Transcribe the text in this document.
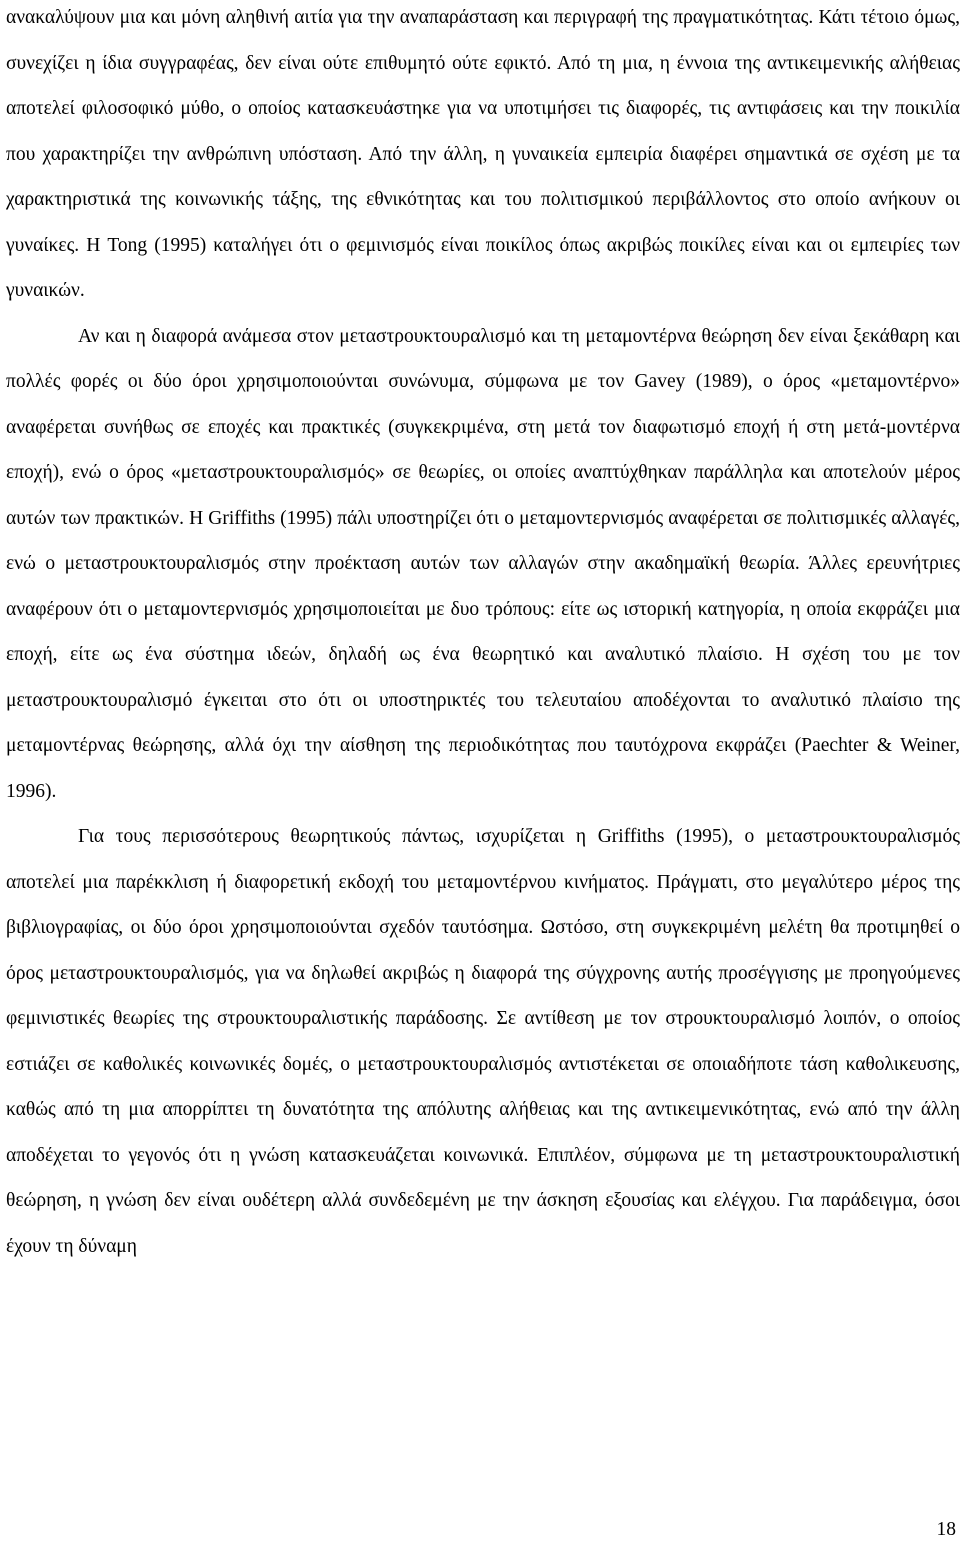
ανακαλύψουν μια και μόνη αληθινή αιτία για την αναπαράσταση και περιγραφή της πραγματικότητας. Κάτι τέτοιο όμως, συνεχίζει η ίδια συγγραφέας, δεν είναι ούτε επιθυμητό ούτε εφικτό. Από τη μια, η έννοια της αντικειμενικής αλήθειας αποτελεί φιλοσοφικό μύθο, ο οποίος κατασκευάστηκε για να υποτιμήσει τις διαφορές, τις αντιφάσεις και την ποικιλία που χαρακτηρίζει την ανθρώπινη υπόσταση. Από την άλλη, η γυναικεία εμπειρία διαφέρει σημαντικά σε σχέση με τα χαρακτηριστικά της κοινωνικής τάξης, της εθνικότητας και του πολιτισμικού περιβάλλοντος στο οποίο ανήκουν οι γυναίκες. Η Tong (1995) καταλήγει ότι ο φεμινισμός είναι ποικίλος όπως ακριβώς ποικίλες είναι και οι εμπειρίες των γυναικών.

Αν και η διαφορά ανάμεσα στον μεταστρουκτουραλισμό και τη μεταμοντέρνα θεώρηση δεν είναι ξεκάθαρη και πολλές φορές οι δύο όροι χρησιμοποιούνται συνώνυμα, σύμφωνα με τον Gavey (1989), ο όρος «μεταμοντέρνο» αναφέρεται συνήθως σε εποχές και πρακτικές (συγκεκριμένα, στη μετά τον διαφωτισμό εποχή ή στη μετά-μοντέρνα εποχή), ενώ ο όρος «μεταστρουκτουραλισμός» σε θεωρίες, οι οποίες αναπτύχθηκαν παράλληλα και αποτελούν μέρος αυτών των πρακτικών. Η Griffiths (1995) πάλι υποστηρίζει ότι ο μεταμοντερνισμός αναφέρεται σε πολιτισμικές αλλαγές, ενώ ο μεταστρουκτουραλισμός στην προέκταση αυτών των αλλαγών στην ακαδημαϊκή θεωρία. Άλλες ερευνήτριες αναφέρουν ότι ο μεταμοντερνισμός χρησιμοποιείται με δυο τρόπους: είτε ως ιστορική κατηγορία, η οποία εκφράζει μια εποχή, είτε ως ένα σύστημα ιδεών, δηλαδή ως ένα θεωρητικό και αναλυτικό πλαίσιο. Η σχέση του με τον μεταστρουκτουραλισμό έγκειται στο ότι οι υποστηρικτές του τελευταίου αποδέχονται το αναλυτικό πλαίσιο της μεταμοντέρνας θεώρησης, αλλά όχι την αίσθηση της περιοδικότητας που ταυτόχρονα εκφράζει (Paechter & Weiner, 1996).

Για τους περισσότερους θεωρητικούς πάντως, ισχυρίζεται η Griffiths (1995), ο μεταστρουκτουραλισμός αποτελεί μια παρέκκλιση ή διαφορετική εκδοχή του μεταμοντέρνου κινήματος. Πράγματι, στο μεγαλύτερο μέρος της βιβλιογραφίας, οι δύο όροι χρησιμοποιούνται σχεδόν ταυτόσημα. Ωστόσο, στη συγκεκριμένη μελέτη θα προτιμηθεί ο όρος μεταστρουκτουραλισμός, για να δηλωθεί ακριβώς η διαφορά της σύγχρονης αυτής προσέγγισης με προηγούμενες φεμινιστικές θεωρίες της στρουκτουραλιστικής παράδοσης. Σε αντίθεση με τον στρουκτουραλισμό λοιπόν, ο οποίος εστιάζει σε καθολικές κοινωνικές δομές, ο μεταστρουκτουραλισμός αντιστέκεται σε οποιαδήποτε τάση καθολικευσης, καθώς από τη μια απορρίπτει τη δυνατότητα της απόλυτης αλήθειας και της αντικειμενικότητας, ενώ από την άλλη αποδέχεται το γεγονός ότι η γνώση κατασκευάζεται κοινωνικά. Επιπλέον, σύμφωνα με τη μεταστρουκτουραλιστική θεώρηση, η γνώση δεν είναι ουδέτερη αλλά συνδεδεμένη με την άσκηση εξουσίας και ελέγχου. Για παράδειγμα, όσοι έχουν τη δύναμη

18
